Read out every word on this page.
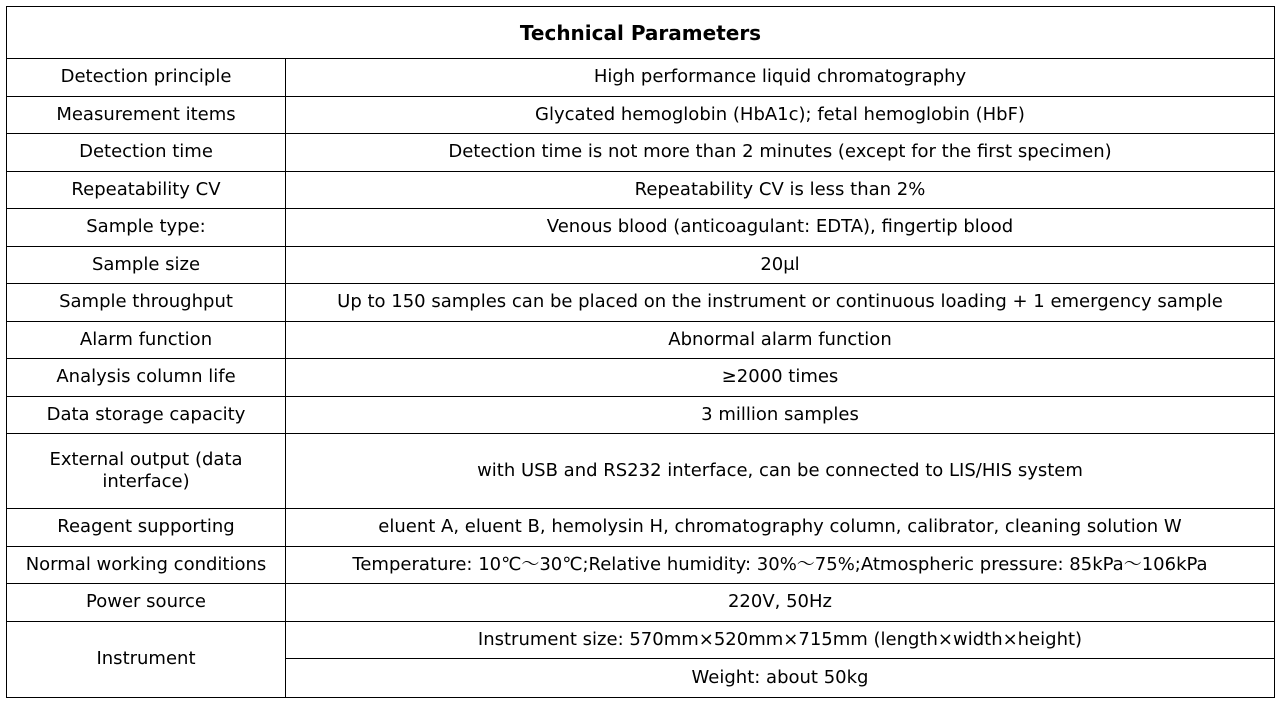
Technical Parameters	
Detection principle	High performance liquid chromatography
Measurement items	Glycated hemoglobin (HbA1c); fetal hemoglobin (HbF)
Detection time	Detection time is not more than 2 minutes (except for the first specimen)
Repeatability CV	Repeatability CV is less than 2%
Sample type:	Venous blood (anticoagulant: EDTA), fingertip blood
Sample size	20μl
Sample throughput	Up to 150 samples can be placed on the instrument or continuous loading + 1 emergency sample
Alarm function	Abnormal alarm function
Analysis column life	≥2000 times
Data storage capacity	3 million samples
External output (data interface)	with USB and RS232 interface, can be connected to LIS/HIS system
Reagent supporting	eluent A, eluent B, hemolysin H, chromatography column, calibrator, cleaning solution W
Normal working conditions	Temperature: 10℃～30℃;Relative humidity: 30%～75%;Atmospheric pressure: 85kPa～106kPa
Power source	220V, 50Hz
Instrument	Instrument size: 570mm×520mm×715mm (length×width×height)
	Weight: about 50kg
